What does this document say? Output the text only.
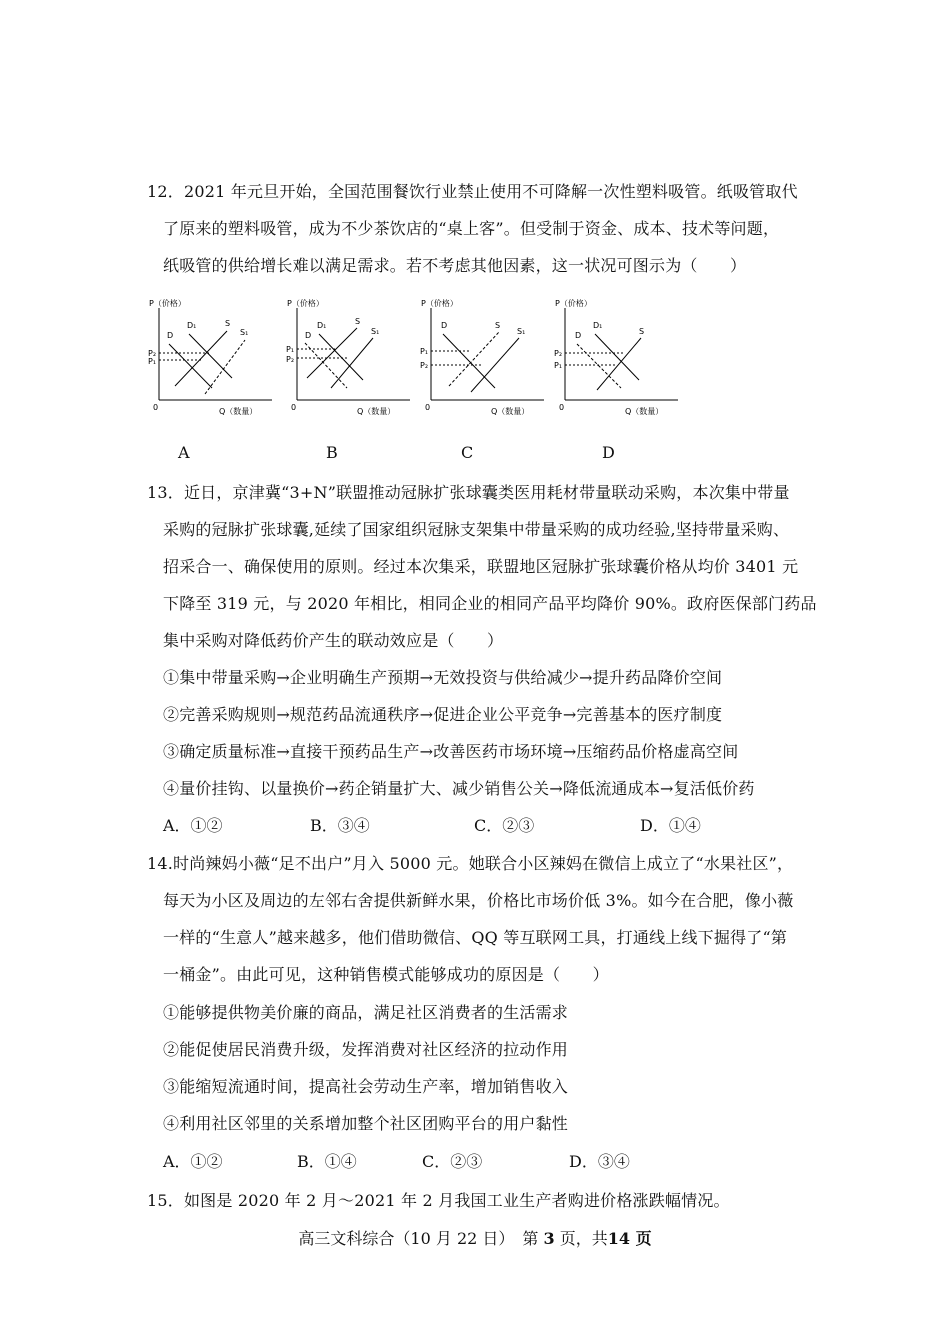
12．2021 年元旦开始，全国范围餐饮行业禁止使用不可降解一次性塑料吸管。纸吸管取代
了原来的塑料吸管，成为不少茶饮店的“桌上客”。但受制于资金、成本、技术等问题，
纸吸管的供给增长难以满足需求。若不考虑其他因素，这一状况可图示为（　　）
P（价格）
0	Q（数量）
D
D₁	S
S₁
P₂
P₁
A
P（价格）
0	Q（数量）
D
D₁	S
S₁
P₁
P₂
B
P（价格）
0	Q（数量）
D	S
S₁
P₁
P₂
C
P（价格）
0	Q（数量）
D
D₁
S
P₂
P₁
D
13．近日，京津冀“3+N”联盟推动冠脉扩张球囊类医用耗材带量联动采购，本次集中带量
采购的冠脉扩张球囊,延续了国家组织冠脉支架集中带量采购的成功经验,坚持带量采购、
招采合一、确保使用的原则。经过本次集采，联盟地区冠脉扩张球囊价格从均价 3401 元
下降至 319 元，与 2020 年相比，相同企业的相同产品平均降价 90%。政府医保部门药品
集中采购对降低药价产生的联动效应是（　　）
①集中带量采购→企业明确生产预期→无效投资与供给减少→提升药品降价空间
②完善采购规则→规范药品流通秩序→促进企业公平竞争→完善基本的医疗制度
③确定质量标准→直接干预药品生产→改善医药市场环境→压缩药品价格虚高空间
④量价挂钩、以量换价→药企销量扩大、减少销售公关→降低流通成本→复活低价药
A．①②	B．③④	C．②③	D．①④
14.时尚辣妈小薇“足不出户”月入 5000 元。她联合小区辣妈在微信上成立了“水果社区”，
每天为小区及周边的左邻右舍提供新鲜水果，价格比市场价低 3%。如今在合肥，像小薇
一样的“生意人”越来越多，他们借助微信、QQ 等互联网工具，打通线上线下掘得了“第
一桶金”。由此可见，这种销售模式能够成功的原因是（　　）
①能够提供物美价廉的商品，满足社区消费者的生活需求
②能促使居民消费升级，发挥消费对社区经济的拉动作用
③能缩短流通时间，提高社会劳动生产率，增加销售收入
④利用社区邻里的关系增加整个社区团购平台的用户黏性
A．①②	B．①④	C．②③	D．③④
15．如图是 2020 年 2 月～2021 年 2 月我国工业生产者购进价格涨跌幅情况。
高三文科综合（10 月 22 日）　第 3 页，共14 页
